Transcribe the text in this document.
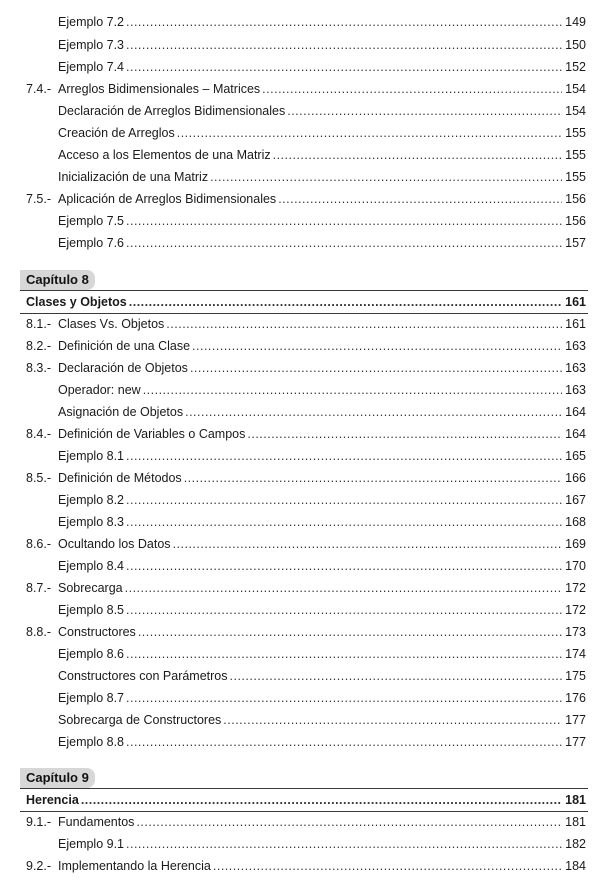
Ejemplo 7.2 .....	149
Ejemplo 7.3 .....	150
Ejemplo 7.4 .....	152
7.4.- Arreglos Bidimensionales – Matrices .....	154
Declaración de Arreglos Bidimensionales .....	154
Creación de Arreglos .....	155
Acceso a los Elementos de una Matriz .....	155
Inicialización de una Matriz .....	155
7.5.- Aplicación de Arreglos Bidimensionales .....	156
Ejemplo 7.5 .....	156
Ejemplo 7.6 .....	157
Capítulo 8
Clases y Objetos .....	161
8.1.- Clases Vs. Objetos .....	161
8.2.- Definición de una Clase .....	163
8.3.- Declaración de Objetos .....	163
Operador: new .....	163
Asignación de Objetos .....	164
8.4.- Definición de Variables o Campos .....	164
Ejemplo 8.1 .....	165
8.5.- Definición de Métodos .....	166
Ejemplo 8.2 .....	167
Ejemplo 8.3 .....	168
8.6.- Ocultando los Datos .....	169
Ejemplo 8.4 .....	170
8.7.- Sobrecarga .....	172
Ejemplo 8.5 .....	172
8.8.- Constructores .....	173
Ejemplo 8.6 .....	174
Constructores con Parámetros .....	175
Ejemplo 8.7 .....	176
Sobrecarga de Constructores .....	177
Ejemplo 8.8 .....	177
Capítulo 9
Herencia .....	181
9.1.- Fundamentos .....	181
Ejemplo 9.1 .....	182
9.2.- Implementando la Herencia .....	184
